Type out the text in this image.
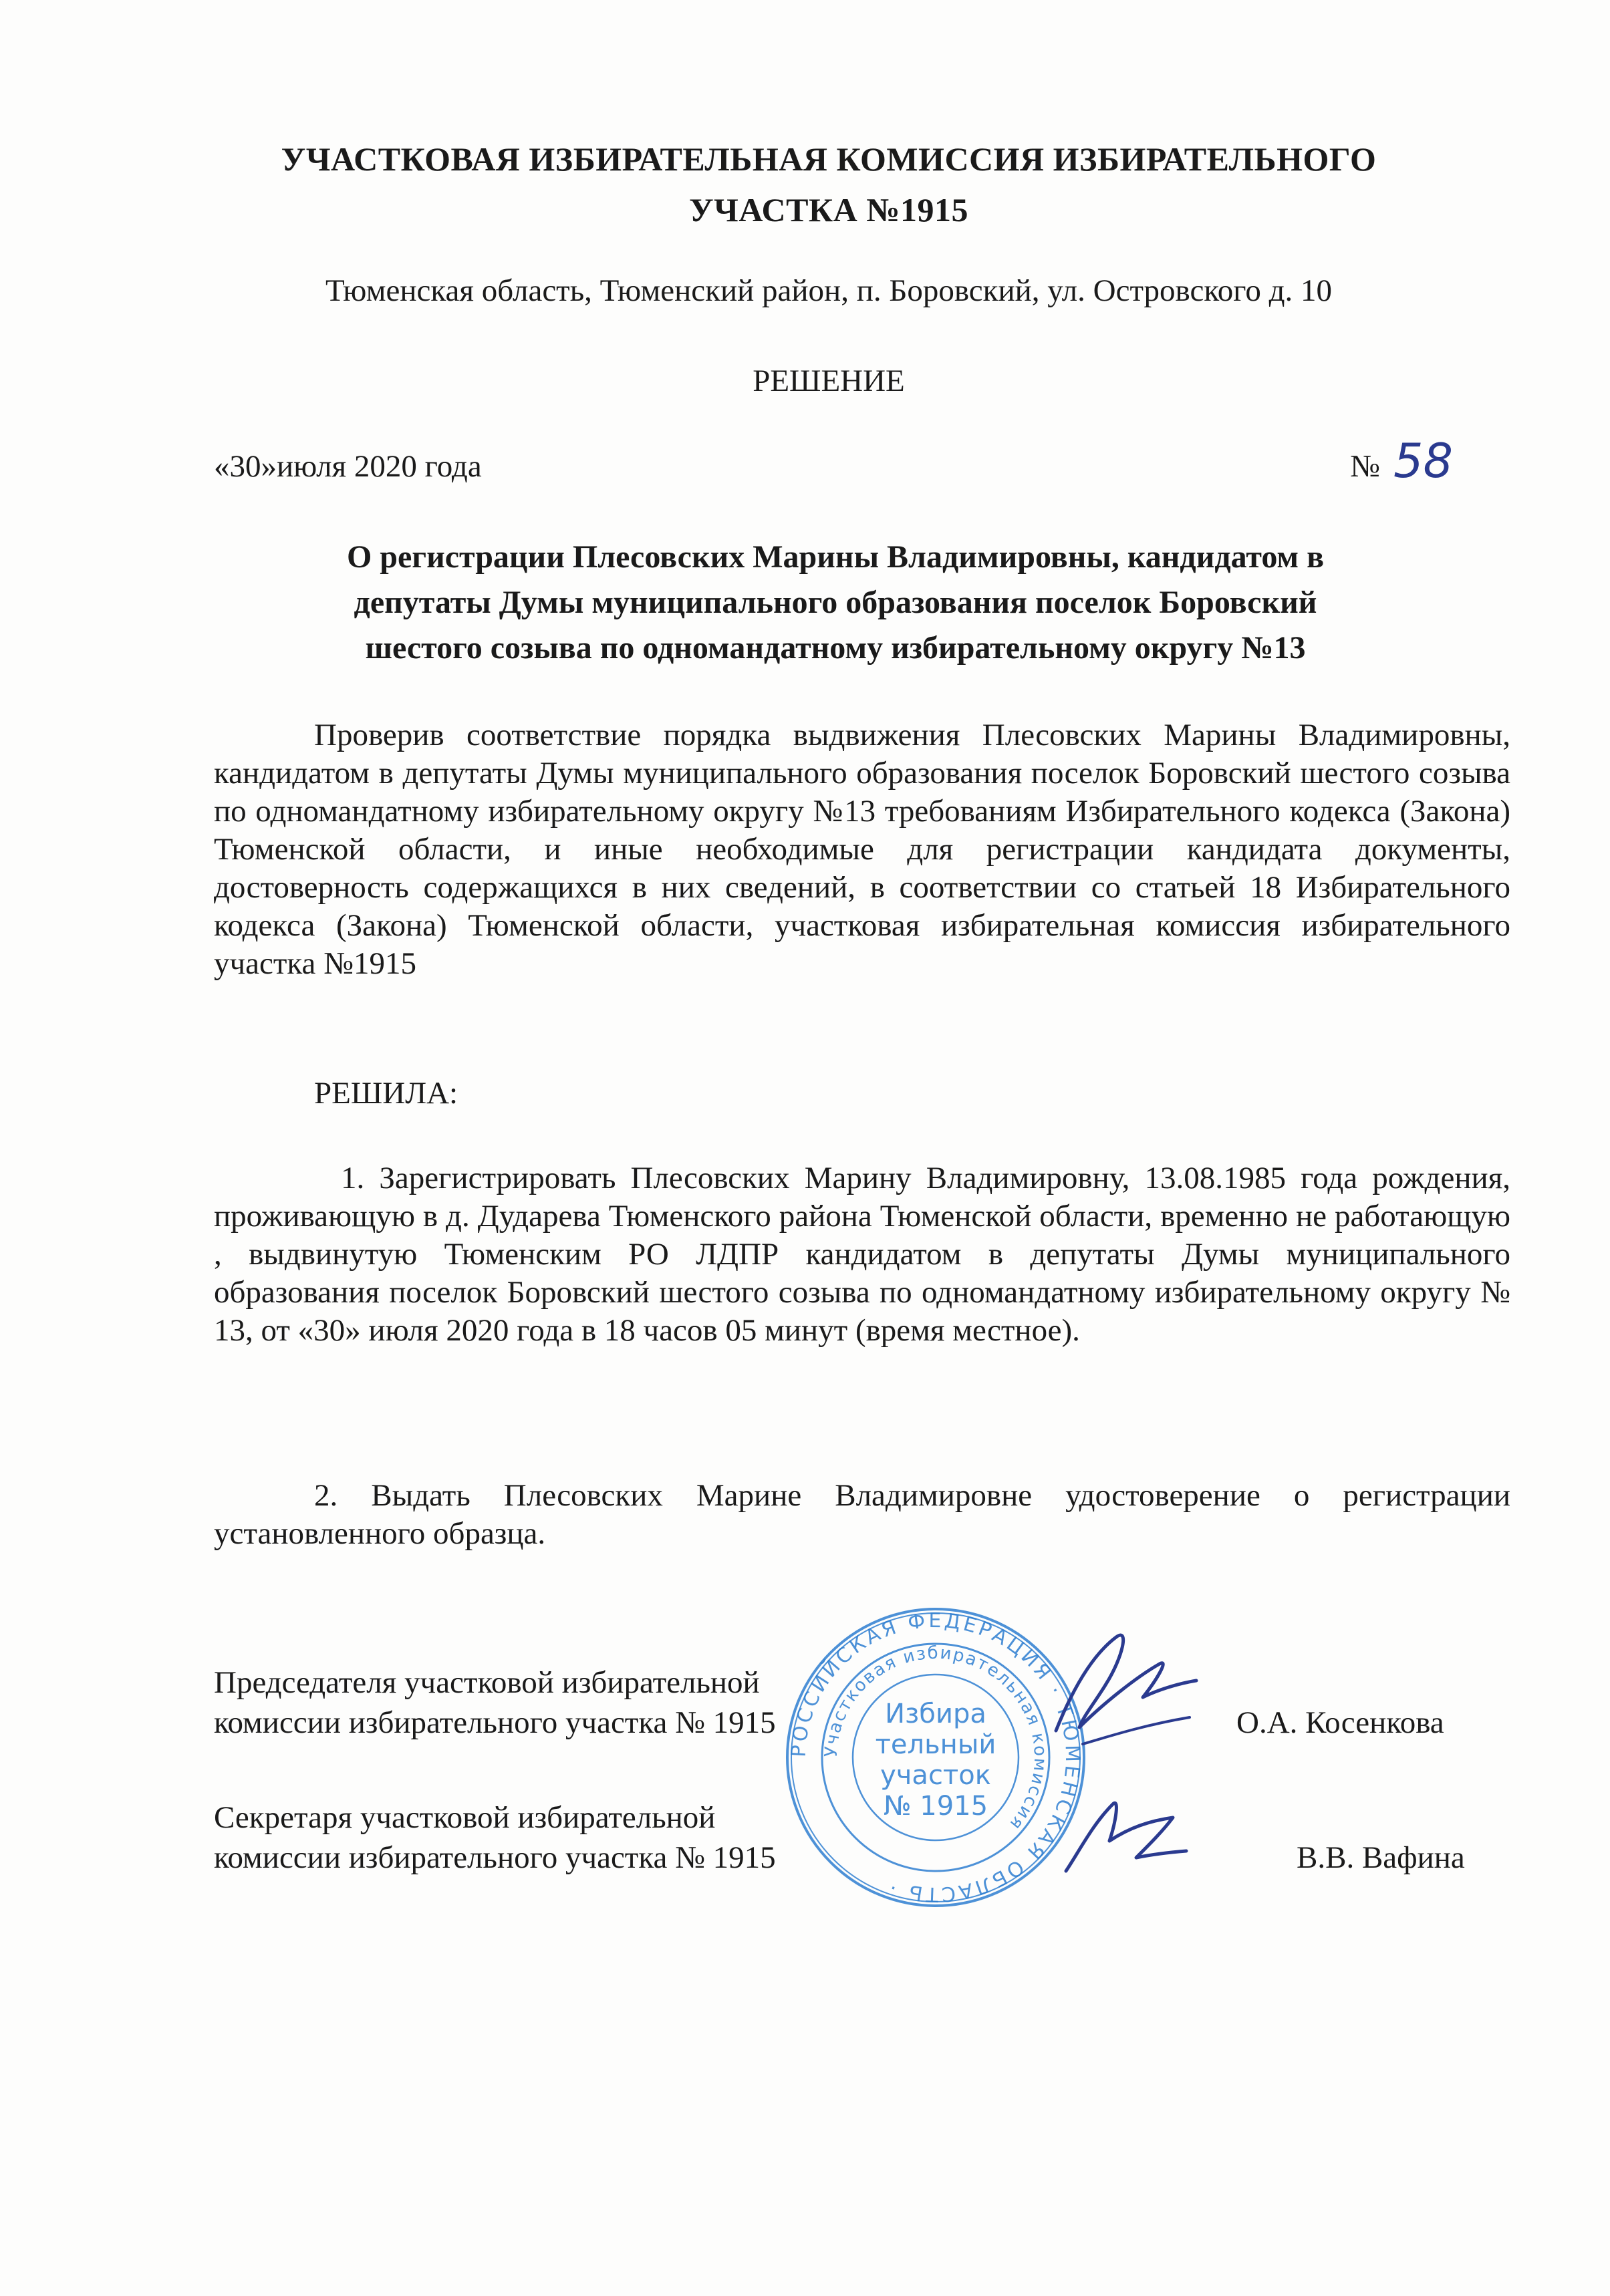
УЧАСТКОВАЯ ИЗБИРАТЕЛЬНАЯ КОМИССИЯ ИЗБИРАТЕЛЬНОГО
УЧАСТКА №1915
Тюменская область, Тюменский район, п. Боровский, ул. Островского д. 10
РЕШЕНИЕ
«30»июля 2020 года	№ 58
О регистрации Плесовских Марины Владимировны, кандидатом в
депутаты Думы муниципального образования поселок Боровский
шестого созыва по одномандатному избирательному округу №13
Проверив соответствие порядка выдвижения Плесовских Марины Владимировны, кандидатом в депутаты Думы муниципального образования поселок Боровский шестого созыва по одномандатному избирательному округу №13 требованиям Избирательного кодекса (Закона) Тюменской области, и иные необходимые для регистрации кандидата документы, достоверность содержащихся в них сведений, в соответствии со статьей 18 Избирательного кодекса (Закона) Тюменской области, участковая избирательная комиссия избирательного участка №1915
РЕШИЛА:
1. Зарегистрировать Плесовских Марину Владимировну, 13.08.1985 года рождения, проживающую в д. Дударева Тюменского района Тюменской области, временно не работающую , выдвинутую Тюменским РО ЛДПР кандидатом в депутаты Думы муниципального образования поселок Боровский шестого созыва по одномандатному избирательному округу № 13, от «30» июля 2020 года в 18 часов 05 минут (время местное).
2. Выдать Плесовских Марине Владимировне удостоверение о регистрации установленного образца.
Председателя участковой избирательной
комиссии избирательного участка № 1915	О.А. Косенкова
Секретаря участковой избирательной
комиссии избирательного участка № 1915	В.В. Вафина
РОССИЙСКАЯ ФЕДЕРАЦИЯ · ТЮМЕНСКАЯ ОБЛАСТЬ ·
Участковая избирательная комиссия
Избира
тельный
участок
№ 1915
